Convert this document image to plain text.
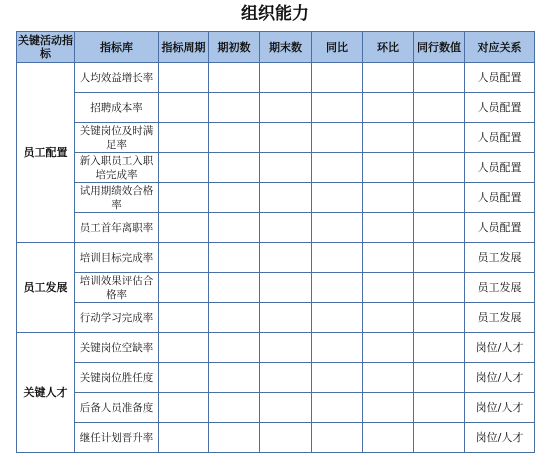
组织能力
关键活动指标	指标库	指标周期	期初数	期末数	同比	环比	同行数值	对应关系
员工配置	人均效益增长率							人员配置
	招聘成本率							人员配置
	关键岗位及时满足率							人员配置
	新入职员工入职培完成率							人员配置
	试用期绩效合格率							人员配置
	员工首年离职率							人员配置
员工发展	培训目标完成率							员工发展
	培训效果评估合格率							员工发展
	行动学习完成率							员工发展
关键人才	关键岗位空缺率							岗位/人才
	关键岗位胜任度							岗位/人才
	后备人员准备度							岗位/人才
	继任计划晋升率							岗位/人才
